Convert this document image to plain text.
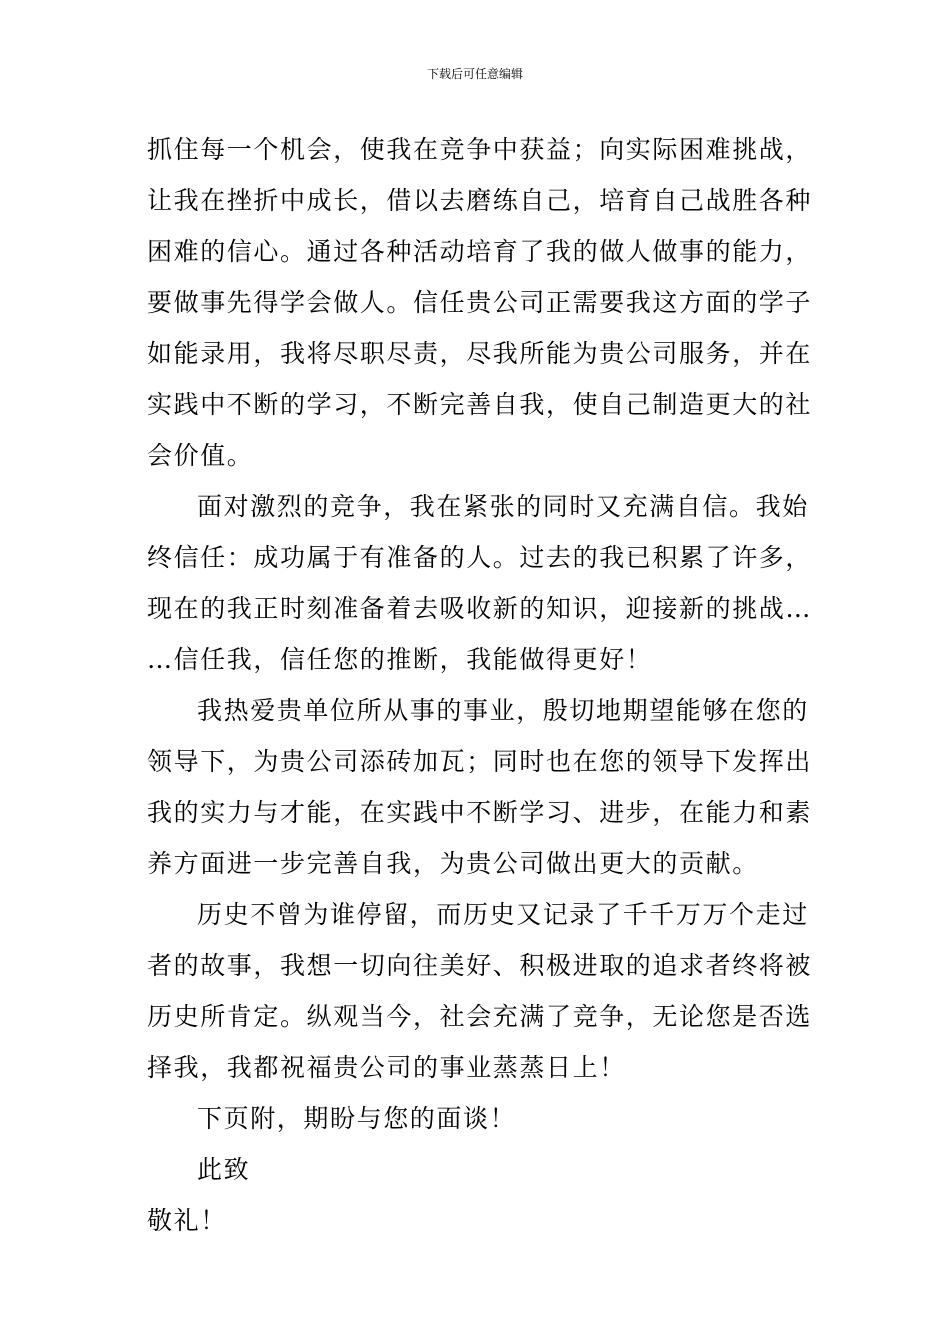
下载后可任意编辑
抓住每一个机会，使我在竞争中获益；向实际困难挑战，
让我在挫折中成长，借以去磨练自己，培育自己战胜各种
困难的信心。通过各种活动培育了我的做人做事的能力，
要做事先得学会做人。信任贵公司正需要我这方面的学子
如能录用，我将尽职尽责，尽我所能为贵公司服务，并在
实践中不断的学习，不断完善自我，使自己制造更大的社
会价值。
面对激烈的竞争，我在紧张的同时又充满自信。我始
终信任：成功属于有准备的人。过去的我已积累了许多，
现在的我正时刻准备着去吸收新的知识，迎接新的挑战…
…信任我，信任您的推断，我能做得更好！
我热爱贵单位所从事的事业，殷切地期望能够在您的
领导下，为贵公司添砖加瓦；同时也在您的领导下发挥出
我的实力与才能，在实践中不断学习、进步，在能力和素
养方面进一步完善自我，为贵公司做出更大的贡献。
历史不曾为谁停留，而历史又记录了千千万万个走过
者的故事，我想一切向往美好、积极进取的追求者终将被
历史所肯定。纵观当今，社会充满了竞争，无论您是否选
择我，我都祝福贵公司的事业蒸蒸日上！
下页附，期盼与您的面谈！
此致
敬礼！
